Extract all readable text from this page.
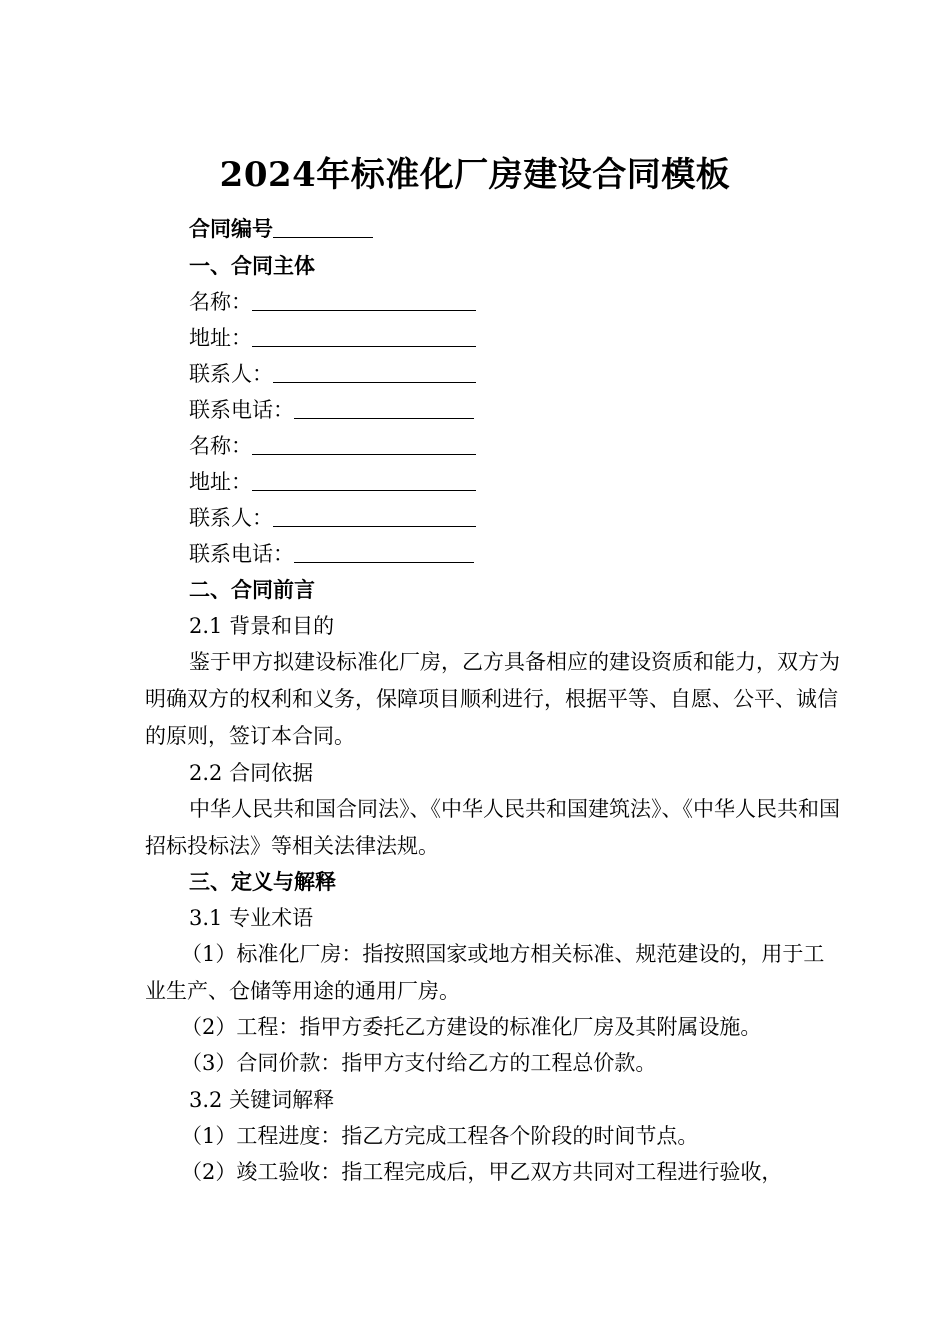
2024年标准化厂房建设合同模板
合同编号
一、合同主体
名称：
地址：
联系人：
联系电话：
名称：
地址：
联系人：
联系电话：
二、合同前言
2.1 背景和目的
鉴于甲方拟建设标准化厂房，乙方具备相应的建设资质和能力，双方为明确双方的权利和义务，保障项目顺利进行，根据平等、自愿、公平、诚信的原则，签订本合同。
2.2 合同依据
中华人民共和国合同法》、《中华人民共和国建筑法》、《中华人民共和国招标投标法》等相关法律法规。
三、定义与解释
3.1 专业术语
（1）标准化厂房：指按照国家或地方相关标准、规范建设的，用于工业生产、仓储等用途的通用厂房。
（2）工程：指甲方委托乙方建设的标准化厂房及其附属设施。
（3）合同价款：指甲方支付给乙方的工程总价款。
3.2 关键词解释
（1）工程进度：指乙方完成工程各个阶段的时间节点。
（2）竣工验收：指工程完成后，甲乙双方共同对工程进行验收，
